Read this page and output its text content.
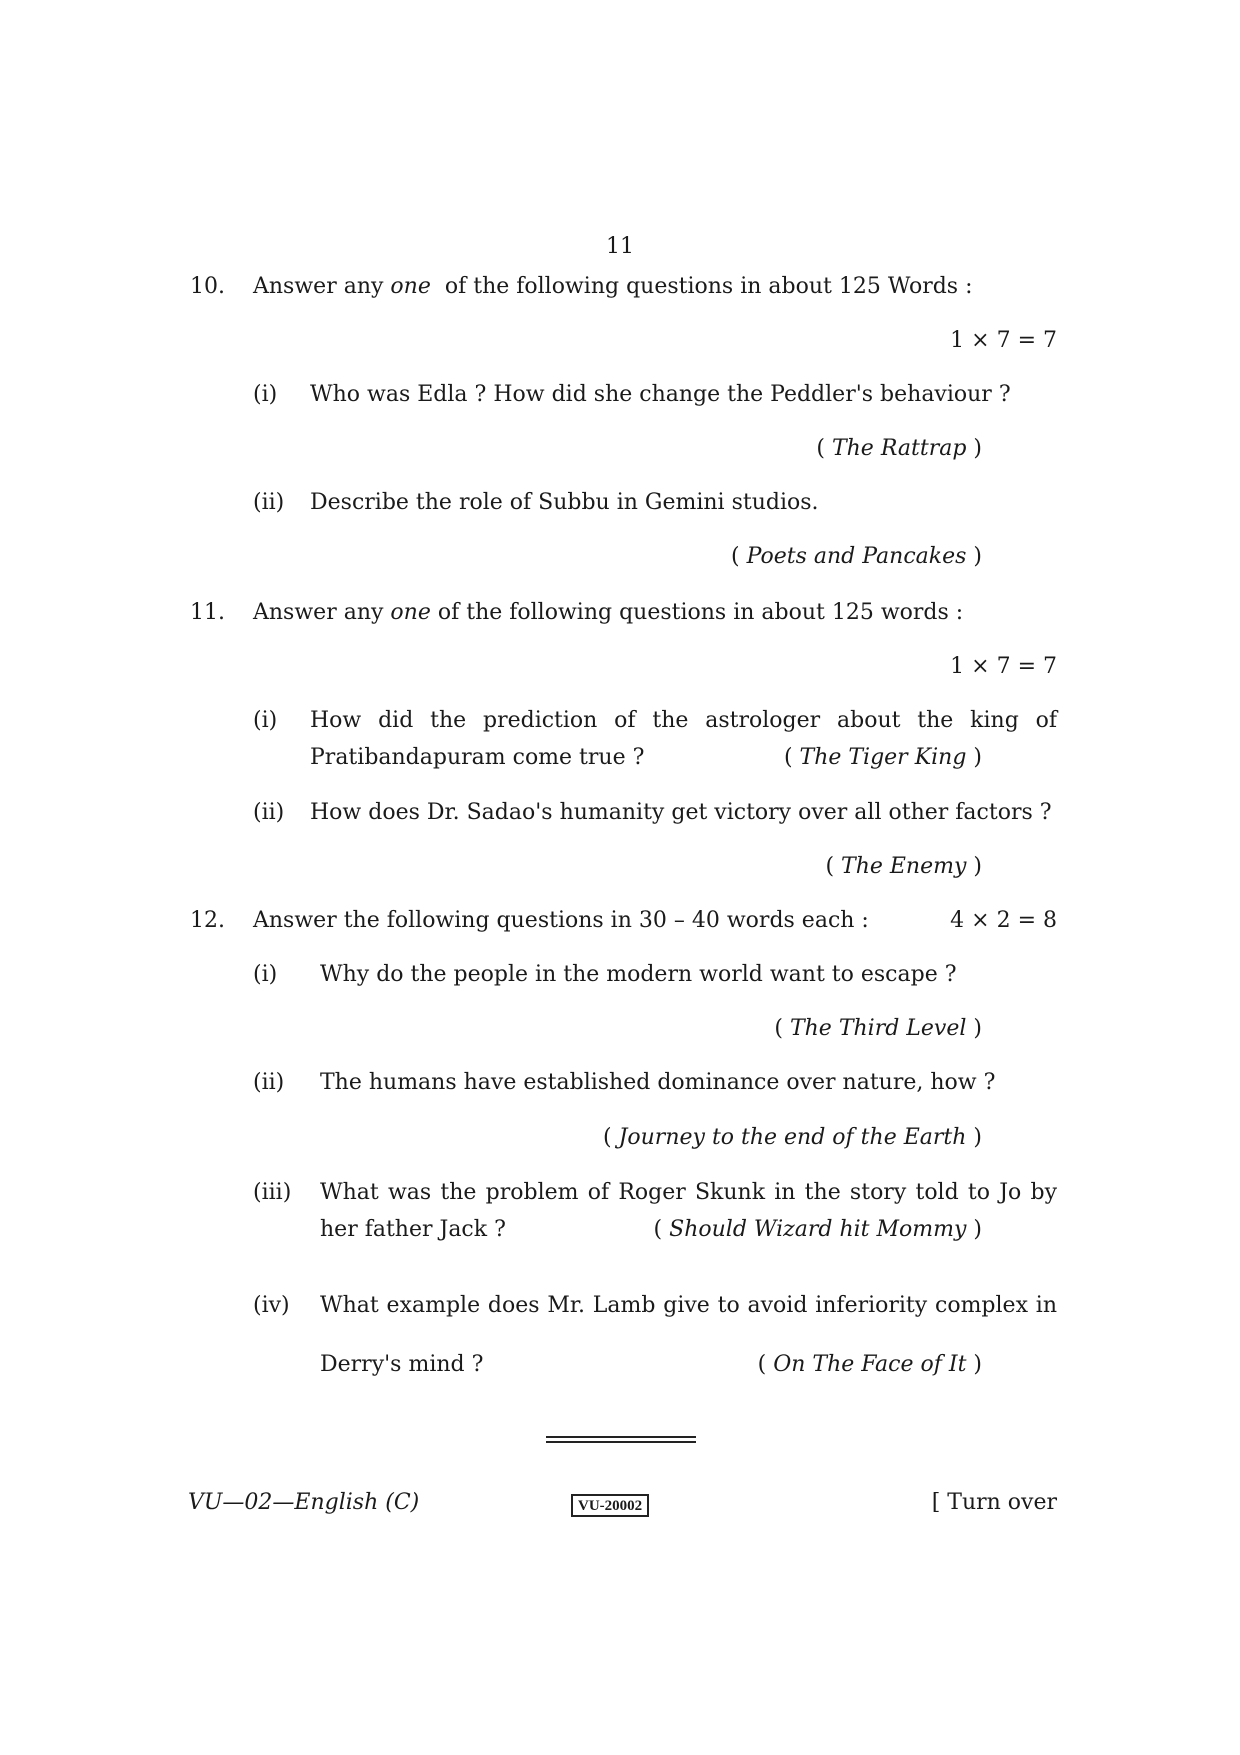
11
10. Answer any one  of the following questions in about 125 Words :
1 × 7 = 7
(i) Who was Edla ? How did she change the Peddler's behaviour ?
( The Rattrap )
(ii) Describe the role of Subbu in Gemini studios.
( Poets and Pancakes )
11. Answer any one of the following questions in about 125 words :
1 × 7 = 7
(i) How did the prediction of the astrologer about the king of
Pratibandapuram come true ?	( The Tiger King )
(ii) How does Dr. Sadao's humanity get victory over all other factors ?
( The Enemy )
12. Answer the following questions in 30 – 40 words each :	4 × 2 = 8
(i) Why do the people in the modern world want to escape ?
( The Third Level )
(ii) The humans have established dominance over nature, how ?
( Journey to the end of the Earth )
(iii) What was the problem of Roger Skunk in the story told to Jo by
her father Jack ?	( Should Wizard hit Mommy )
(iv) What example does Mr. Lamb give to avoid inferiority complex in
Derry's mind ?	( On The Face of It )
VU—02—English (C)	VU-20002	[ Turn over
